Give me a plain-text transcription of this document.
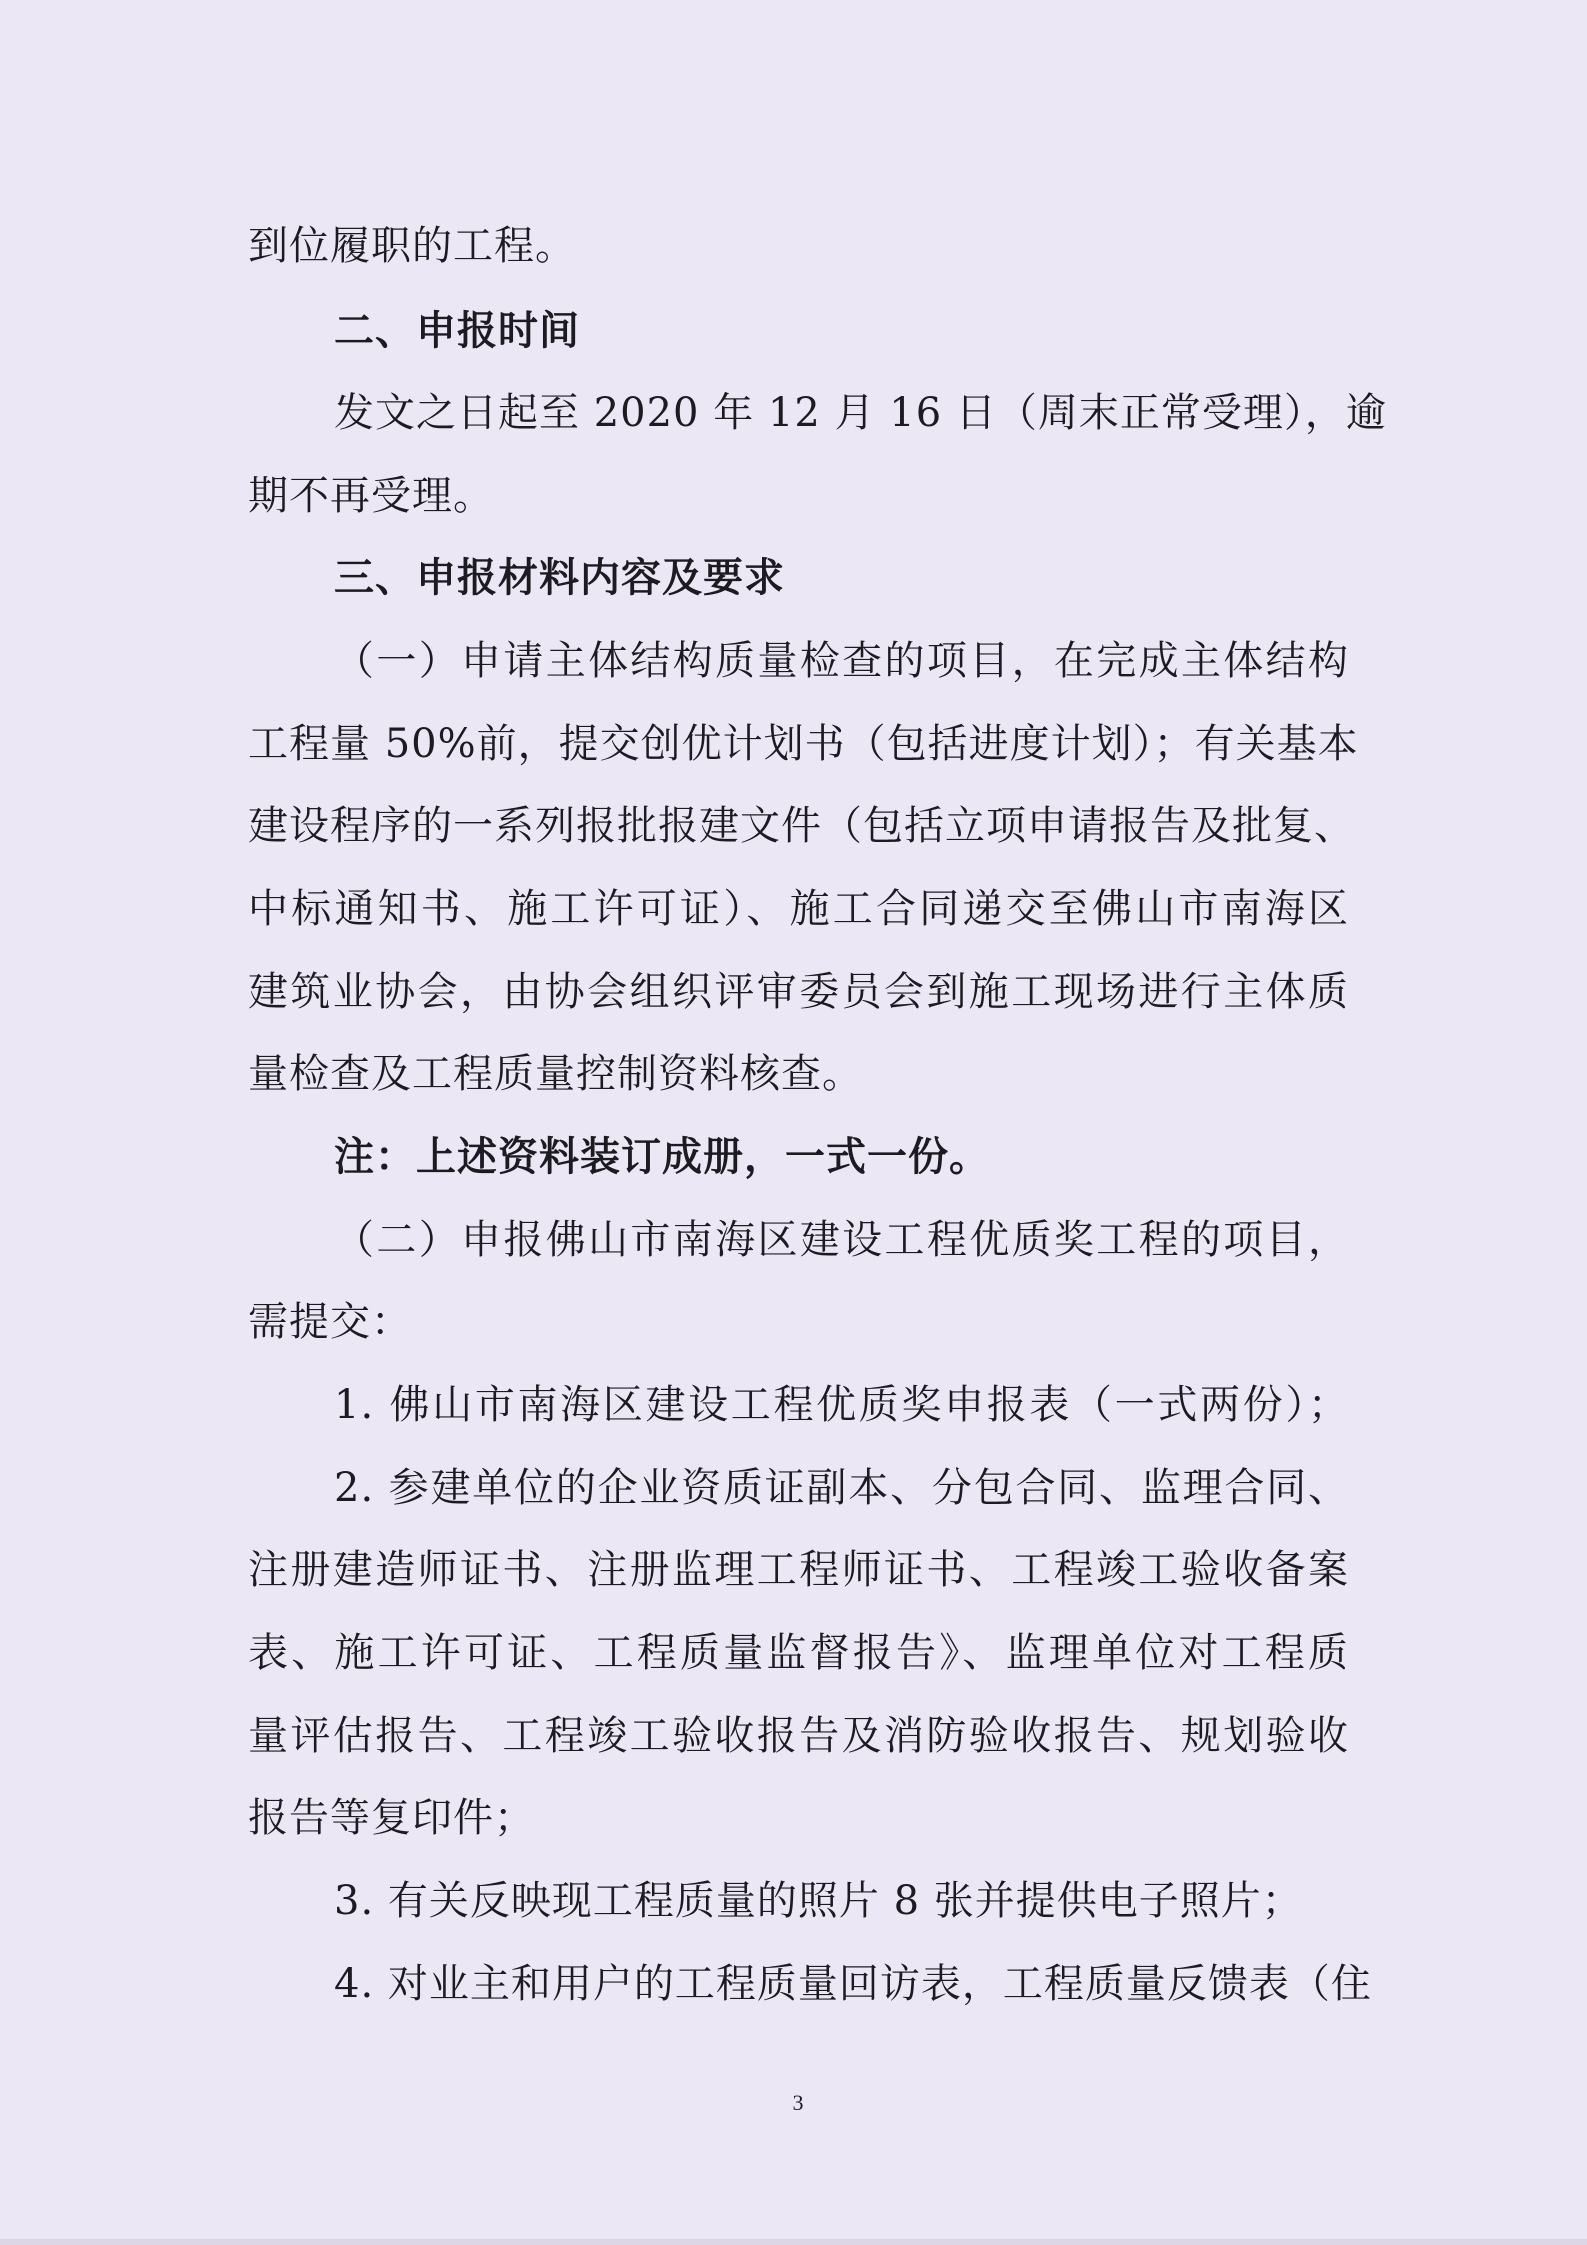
到位履职的工程。
二、申报时间
发文之日起至 2020 年 12 月 16 日（周末正常受理），逾
期不再受理。
三、申报材料内容及要求
（一）申请主体结构质量检查的项目，在完成主体结构
工程量 50%前，提交创优计划书（包括进度计划）；有关基本
建设程序的一系列报批报建文件（包括立项申请报告及批复、
中标通知书、施工许可证）、施工合同递交至佛山市南海区
建筑业协会，由协会组织评审委员会到施工现场进行主体质
量检查及工程质量控制资料核查。
注：上述资料装订成册，一式一份。
（二）申报佛山市南海区建设工程优质奖工程的项目，
需提交：
1. 佛山市南海区建设工程优质奖申报表（一式两份）；
2. 参建单位的企业资质证副本、分包合同、监理合同、
注册建造师证书、注册监理工程师证书、工程竣工验收备案
表、施工许可证、工程质量监督报告》、监理单位对工程质
量评估报告、工程竣工验收报告及消防验收报告、规划验收
报告等复印件；
3. 有关反映现工程质量的照片 8 张并提供电子照片；
4. 对业主和用户的工程质量回访表，工程质量反馈表（住
3
